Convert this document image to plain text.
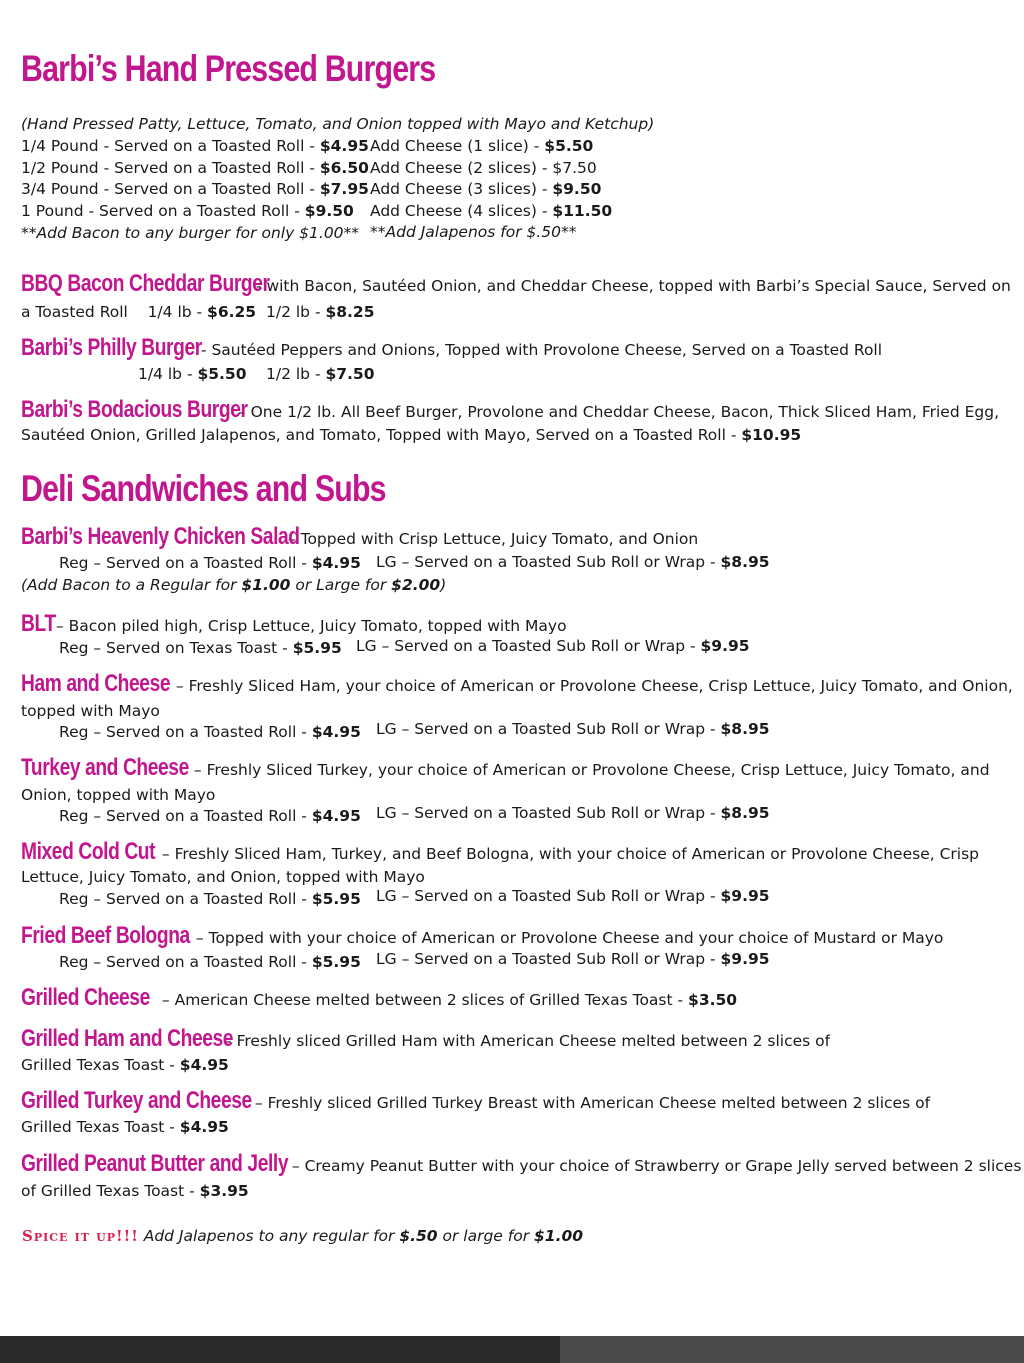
Barbi’s Hand Pressed Burgers
(Hand Pressed Patty, Lettuce, Tomato, and Onion topped with Mayo and Ketchup)
1/4 Pound - Served on a Toasted Roll - $4.95 Add Cheese (1 slice) - $5.50
1/2 Pound - Served on a Toasted Roll - $6.50 Add Cheese (2 slices) - $7.50
3/4 Pound - Served on a Toasted Roll - $7.95 Add Cheese (3 slices) - $9.50
1 Pound - Served on a Toasted Roll - $9.50 Add Cheese (4 slices) - $11.50
**Add Bacon to any burger for only $1.00** **Add Jalapenos for $.50**
BBQ Bacon Cheddar Burger - with Bacon, Sautéed Onion, and Cheddar Cheese, topped with Barbi’s Special Sauce, Served on
a Toasted Roll    1/4 lb - $6.25 1/2 lb - $8.25
Barbi’s Philly Burger - Sautéed Peppers and Onions, Topped with Provolone Cheese, Served on a Toasted Roll
1/4 lb - $5.50 1/2 lb - $7.50
Barbi’s Bodacious Burger – One 1/2 lb. All Beef Burger, Provolone and Cheddar Cheese, Bacon, Thick Sliced Ham, Fried Egg,
Sautéed Onion, Grilled Jalapenos, and Tomato, Topped with Mayo, Served on a Toasted Roll - $10.95
Deli Sandwiches and Subs
Barbi’s Heavenly Chicken Salad – Topped with Crisp Lettuce, Juicy Tomato, and Onion
Reg – Served on a Toasted Roll - $4.95 LG – Served on a Toasted Sub Roll or Wrap - $8.95
(Add Bacon to a Regular for $1.00 or Large for $2.00)
BLT – Bacon piled high, Crisp Lettuce, Juicy Tomato, topped with Mayo
Reg – Served on Texas Toast - $5.95 LG – Served on a Toasted Sub Roll or Wrap - $9.95
Ham and Cheese – Freshly Sliced Ham, your choice of American or Provolone Cheese, Crisp Lettuce, Juicy Tomato, and Onion,
topped with Mayo
Reg – Served on a Toasted Roll - $4.95 LG – Served on a Toasted Sub Roll or Wrap - $8.95
Turkey and Cheese – Freshly Sliced Turkey, your choice of American or Provolone Cheese, Crisp Lettuce, Juicy Tomato, and
Onion, topped with Mayo
Reg – Served on a Toasted Roll - $4.95 LG – Served on a Toasted Sub Roll or Wrap - $8.95
Mixed Cold Cut – Freshly Sliced Ham, Turkey, and Beef Bologna, with your choice of American or Provolone Cheese, Crisp
Lettuce, Juicy Tomato, and Onion, topped with Mayo
Reg – Served on a Toasted Roll - $5.95 LG – Served on a Toasted Sub Roll or Wrap - $9.95
Fried Beef Bologna – Topped with your choice of American or Provolone Cheese and your choice of Mustard or Mayo
Reg – Served on a Toasted Roll - $5.95 LG – Served on a Toasted Sub Roll or Wrap - $9.95
Grilled Cheese – American Cheese melted between 2 slices of Grilled Texas Toast - $3.50
Grilled Ham and Cheese – Freshly sliced Grilled Ham with American Cheese melted between 2 slices of
Grilled Texas Toast - $4.95
Grilled Turkey and Cheese – Freshly sliced Grilled Turkey Breast with American Cheese melted between 2 slices of
Grilled Texas Toast - $4.95
Grilled Peanut Butter and Jelly – Creamy Peanut Butter with your choice of Strawberry or Grape Jelly served between 2 slices
of Grilled Texas Toast - $3.95
Spice it up!!! Add Jalapenos to any regular for $.50 or large for $1.00
